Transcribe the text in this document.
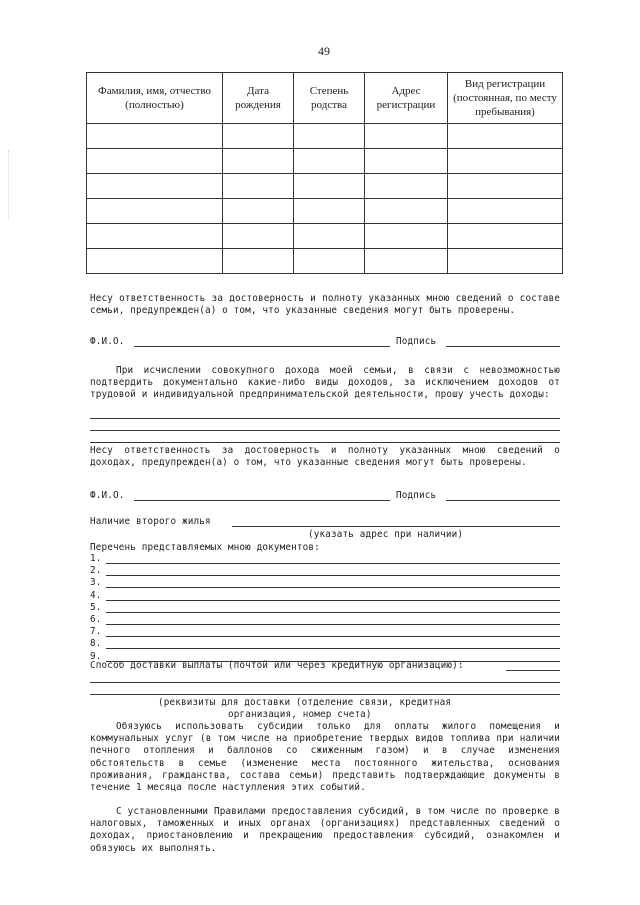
49
Фамилия, имя, отчество (полностью)	Дата рождения	Степень родства	Адрес регистрации	Вид регистрации (постоянная, по месту пребывания)

Несу ответственность за достоверность и полноту указанных мною сведений о составе семьи, предупрежден(а) о том, что указанные сведения могут быть проверены.

Ф.И.О.	Подпись

При исчислении совокупного дохода моей семьи, в связи с невозможностью подтвердить документально какие-либо виды доходов, за исключением доходов от трудовой и индивидуальной предпринимательской деятельности, прошу учесть доходы:

Несу ответственность за достоверность и полноту указанных мною сведений о доходах, предупрежден(а) о том, что указанные сведения могут быть проверены.

Ф.И.О.	Подпись
Наличие второго жилья
(указать адрес при наличии)
Перечень представляемых мною документов:
1.
2.
3.
4.
5.
6.
7.
8.
9.
Способ доставки выплаты (почтой или через кредитную организацию):
(реквизиты для доставки (отделение связи, кредитная
организация, номер счета)

Обязуюсь использовать субсидии только для оплаты жилого помещения и коммунальных услуг (в том числе на приобретение твердых видов топлива при наличии печного отопления и баллонов со сжиженным газом) и в случае изменения обстоятельств в семье (изменение места постоянного жительства, основания проживания, гражданства, состава семьи) представить подтверждающие документы в течение 1 месяца после наступления этих событий.

С установленными Правилами предоставления субсидий, в том числе по проверке в налоговых, таможенных и иных органах (организациях) представленных сведений о доходах, приостановлению и прекращению предоставления субсидий, ознакомлен и обязуюсь их выполнять.
